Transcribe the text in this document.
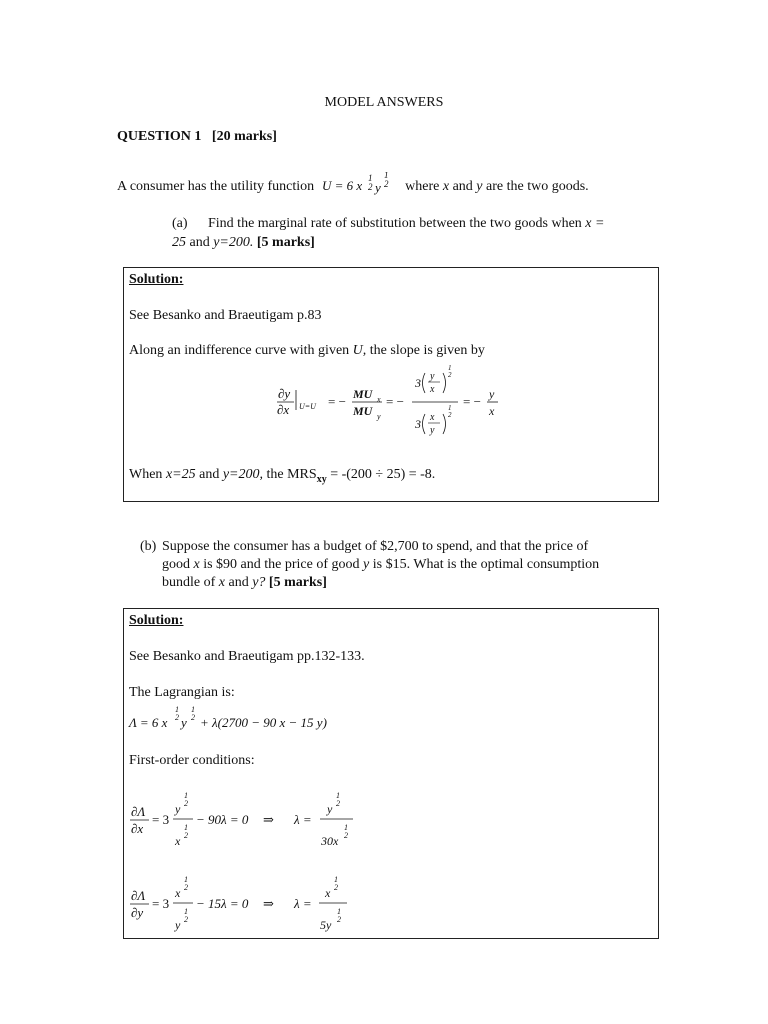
MODEL ANSWERS
QUESTION 1 [20 marks]
A consumer has the utility function U = 6 x 1
2 y
1
2 where x and y are the two goods.
(a) Find the marginal rate of substitution between the two goods when x =
25 and y=200. [5 marks]
Solution:
See Besanko and Braeutigam p.83
Along an indifference curve with given U, the slope is given by
∂y
∂x U=U = − MU x
MU y
= −
3 y
x
1
2
3 x
y
1
2
= − y
x
When x=25 and y=200, the $MRS_{xy} = -(200 \div 25) = -8$.
(b) Suppose the consumer has a budget of $2,700 to spend, and that the price of
good x is $90 and the price of good y is $15. What is the optimal consumption
bundle of x and y? [5 marks]
Solution:
See Besanko and Braeutigam pp.132-133.
The Lagrangian is:
Λ = 6 x
1
2 y
1
2 + λ(2700 − 90 x − 15 y)
First-order conditions:
∂Λ
∂x
= 3
y
1
2
x
1
2
− 90λ = 0 ⇒ λ =
y
1
2
30x
1
2
∂Λ
∂y
= 3
x
1
2
y
1
2
− 15λ = 0 ⇒ λ =
x
1
2
5y
1
2
